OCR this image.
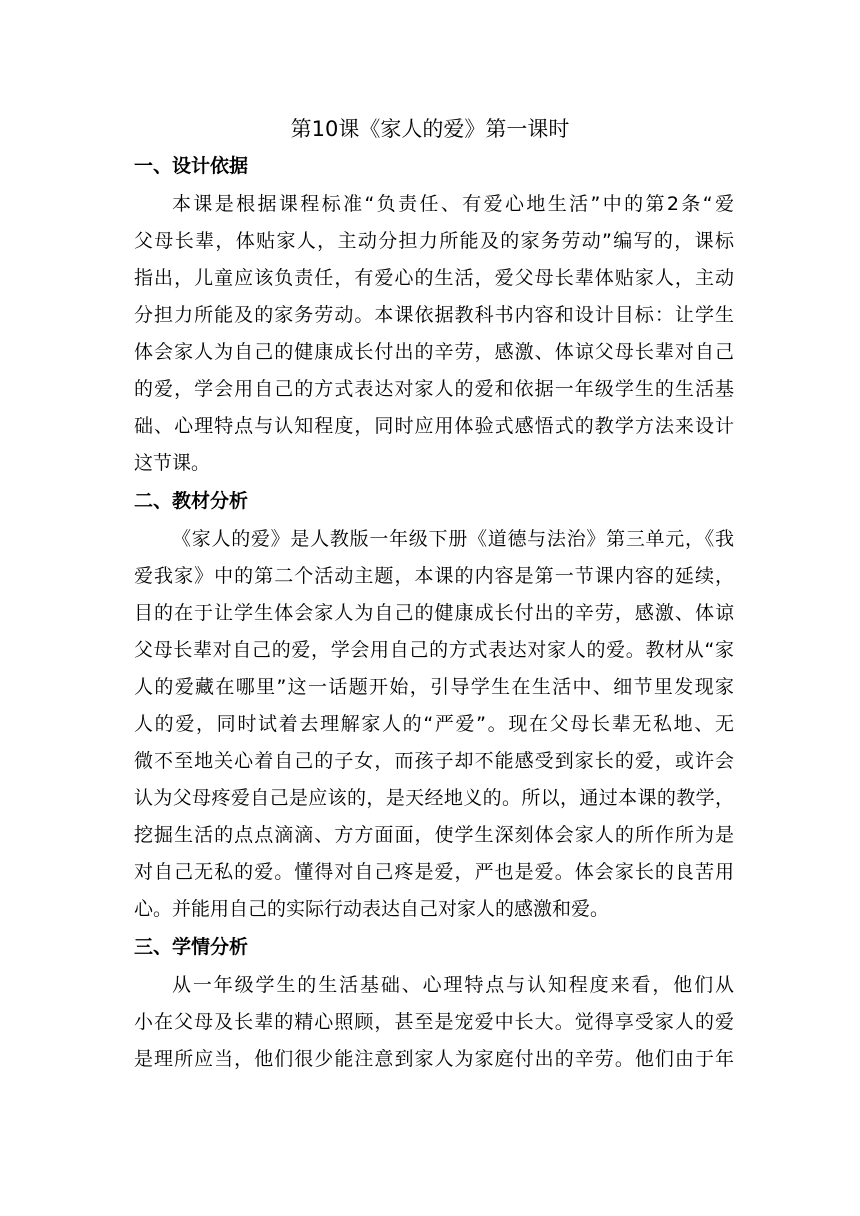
第10课《家人的爱》第一课时
一、设计依据
本课是根据课程标准“负责任、有爱心地生活”中的第2条“爱
父母长辈，体贴家人，主动分担力所能及的家务劳动”编写的，课标
指出，儿童应该负责任，有爱心的生活，爱父母长辈体贴家人，主动
分担力所能及的家务劳动。本课依据教科书内容和设计目标：让学生
体会家人为自己的健康成长付出的辛劳，感激、体谅父母长辈对自己
的爱，学会用自己的方式表达对家人的爱和依据一年级学生的生活基
础、心理特点与认知程度，同时应用体验式感悟式的教学方法来设计
这节课。
二、教材分析
《家人的爱》是人教版一年级下册《道德与法治》第三单元，《我
爱我家》中的第二个活动主题，本课的内容是第一节课内容的延续，
目的在于让学生体会家人为自己的健康成长付出的辛劳，感激、体谅
父母长辈对自己的爱，学会用自己的方式表达对家人的爱。教材从“家
人的爱藏在哪里”这一话题开始，引导学生在生活中、细节里发现家
人的爱，同时试着去理解家人的“严爱”。现在父母长辈无私地、无
微不至地关心着自己的子女，而孩子却不能感受到家长的爱，或许会
认为父母疼爱自己是应该的，是天经地义的。所以，通过本课的教学，
挖掘生活的点点滴滴、方方面面，使学生深刻体会家人的所作所为是
对自己无私的爱。懂得对自己疼是爱，严也是爱。体会家长的良苦用
心。并能用自己的实际行动表达自己对家人的感激和爱。
三、学情分析
从一年级学生的生活基础、心理特点与认知程度来看，他们从
小在父母及长辈的精心照顾，甚至是宠爱中长大。觉得享受家人的爱
是理所应当，他们很少能注意到家人为家庭付出的辛劳。他们由于年
